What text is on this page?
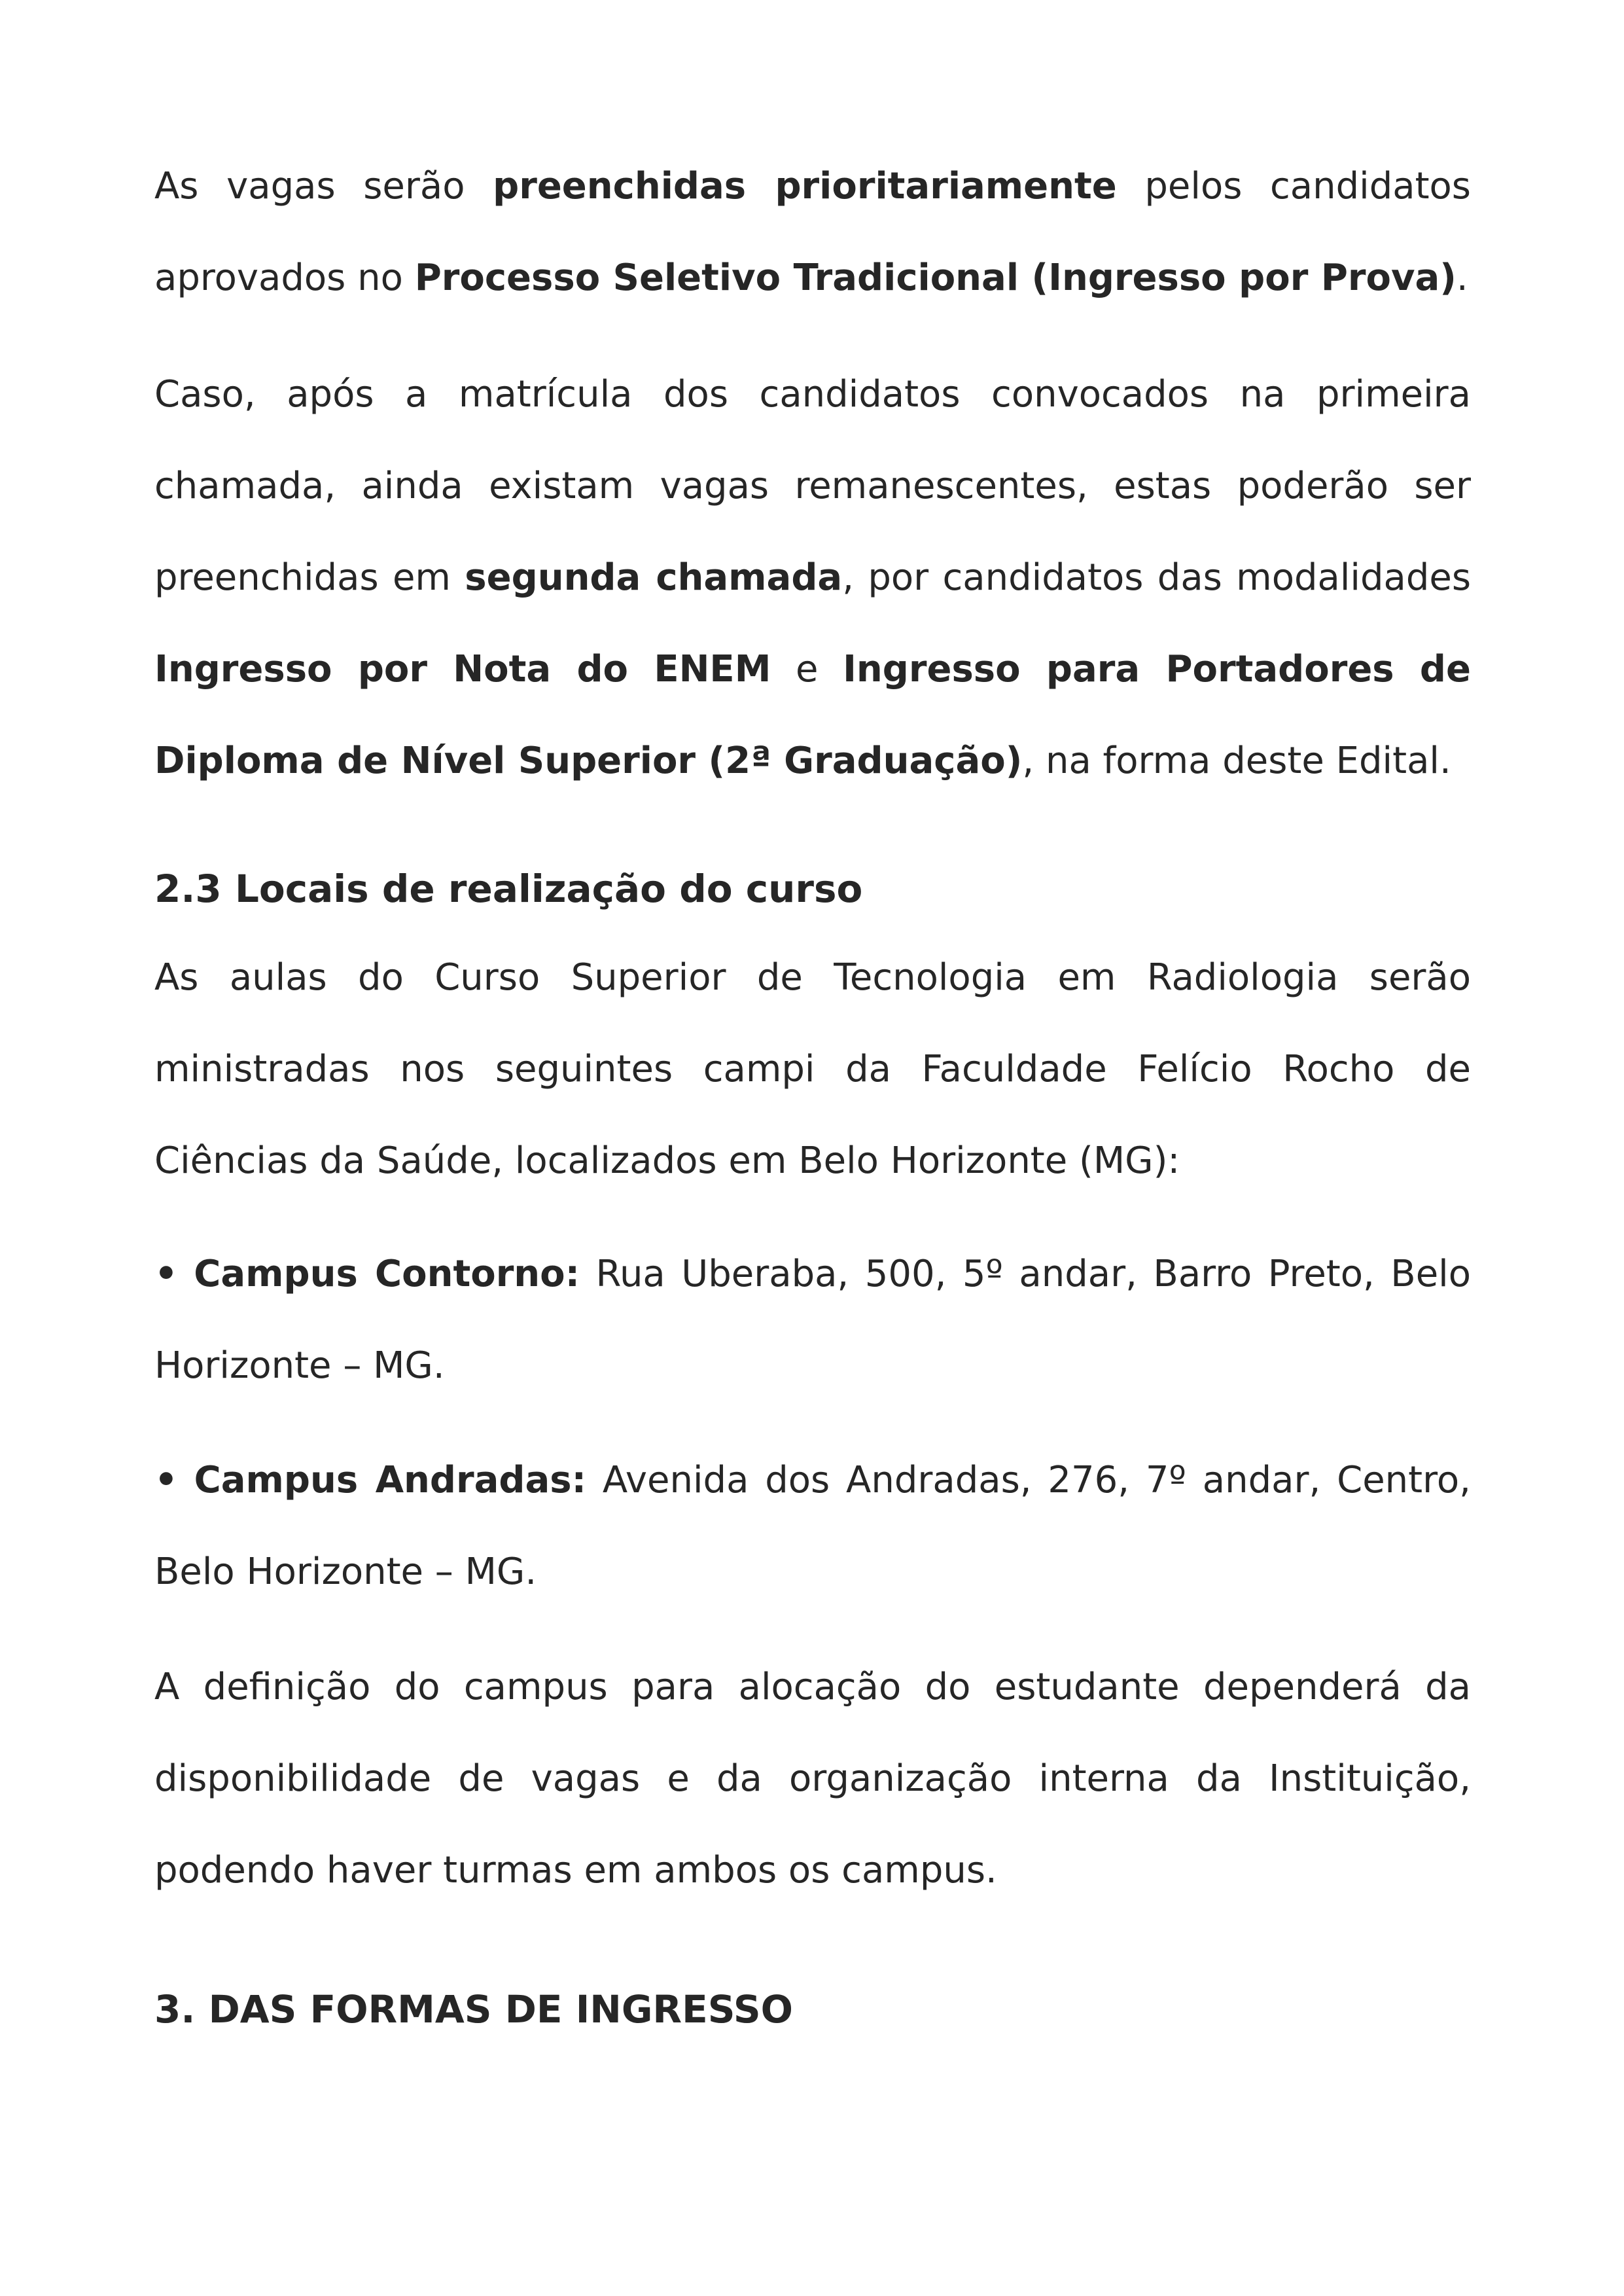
As vagas serão preenchidas prioritariamente pelos candidatos aprovados no Processo Seletivo Tradicional (Ingresso por Prova).

Caso, após a matrícula dos candidatos convocados na primeira chamada, ainda existam vagas remanescentes, estas poderão ser preenchidas em segunda chamada, por candidatos das modalidades Ingresso por Nota do ENEM e Ingresso para Portadores de Diploma de Nível Superior (2ª Graduação), na forma deste Edital.

2.3 Locais de realização do curso

As aulas do Curso Superior de Tecnologia em Radiologia serão ministradas nos seguintes campi da Faculdade Felício Rocho de Ciências da Saúde, localizados em Belo Horizonte (MG):

• Campus Contorno: Rua Uberaba, 500, 5º andar, Barro Preto, Belo Horizonte – MG.

• Campus Andradas: Avenida dos Andradas, 276, 7º andar, Centro, Belo Horizonte – MG.

A definição do campus para alocação do estudante dependerá da disponibilidade de vagas e da organização interna da Instituição, podendo haver turmas em ambos os campus.

3. DAS FORMAS DE INGRESSO
